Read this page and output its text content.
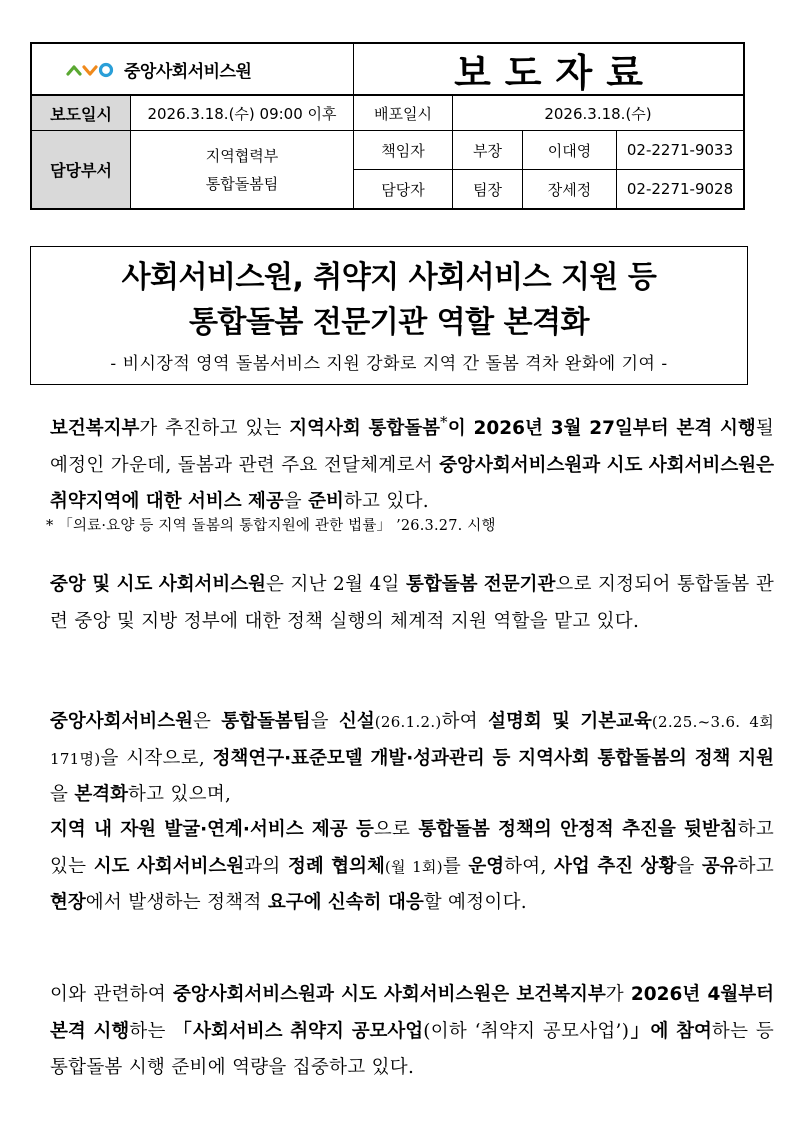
중앙사회서비스원	보도자료
보도일시	2026.3.18.(수) 09:00 이후	배포일시	2026.3.18.(수)
담당부서
지역협력부
통합돌봄팀
책임자	부장	이대영	02-2271-9033
담당자	팀장	장세정	02-2271-9028
사회서비스원, 취약지 사회서비스 지원 등
통합돌봄 전문기관 역할 본격화
- 비시장적 영역 돌봄서비스 지원 강화로 지역 간 돌봄 격차 완화에 기여 -
보건복지부가 추진하고 있는 지역사회 통합돌봄*이 2026년 3월 27일부터 본격 시행될 예정인 가운데, 돌봄과 관련 주요 전달체계로서 중앙사회서비스원과 시도 사회서비스원은 취약지역에 대한 서비스 제공을 준비하고 있다.
* 「의료·요양 등 지역 돌봄의 통합지원에 관한 법률」 ’26.3.27. 시행
중앙 및 시도 사회서비스원은 지난 2월 4일 통합돌봄 전문기관으로 지정되어 통합돌봄 관련 중앙 및 지방 정부에 대한 정책 실행의 체계적 지원 역할을 맡고 있다.
중앙사회서비스원은 통합돌봄팀을 신설(26.1.2.)하여 설명회 및 기본교육(2.25.~3.6. 4회 171명)을 시작으로, 정책연구·표준모델 개발·성과관리 등 지역사회 통합돌봄의 정책 지원을 본격화하고 있으며,
지역 내 자원 발굴·연계·서비스 제공 등으로 통합돌봄 정책의 안정적 추진을 뒷받침하고 있는 시도 사회서비스원과의 정례 협의체(월 1회)를 운영하여, 사업 추진 상황을 공유하고 현장에서 발생하는 정책적 요구에 신속히 대응할 예정이다.
이와 관련하여 중앙사회서비스원과 시도 사회서비스원은 보건복지부가 2026년 4월부터 본격 시행하는 「사회서비스 취약지 공모사업(이하 ‘취약지 공모사업’)」에 참여하는 등 통합돌봄 시행 준비에 역량을 집중하고 있다.
